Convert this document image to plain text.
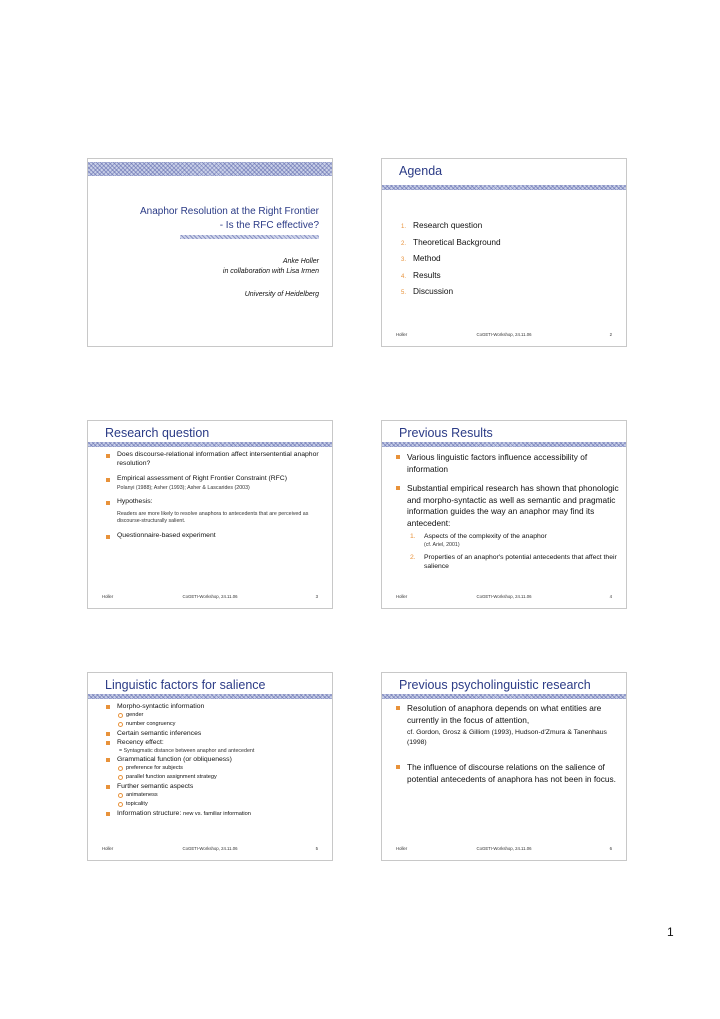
Anaphor Resolution at the Right Frontier
- Is the RFC effective?
Anke Holler
in collaboration with Lisa Irmen
University of Heidelberg
Agenda
1. Research question
2. Theoretical Background
3. Method
4. Results
5. Discussion
Holler	CoGETI-Workshop, 24.11.06	2
Research question
Does discourse-relational information affect intersentential anaphor resolution?
Empirical assessment of Right Frontier Constraint (RFC)
Polanyi (1988); Asher (1993); Asher & Lascarides (2003)
Hypothesis:
Readers are more likely to resolve anaphora to antecedents that are perceived as discourse-structurally salient.
Questionnaire-based experiment
Holler	CoGETI-Workshop, 24.11.06	3
Previous Results
Various linguistic factors influence accessibility of information
Substantial empirical research has shown that phonologic and morpho-syntactic as well as semantic and pragmatic information guides the way an anaphor may find its antecedent:
1. Aspects of the complexity of the anaphor
(cf. Ariel, 2001)
2. Properties of an anaphor's potential antecedents that affect their salience
Holler	CoGETI-Workshop, 24.11.06	4
Linguistic factors for salience
Morpho-syntactic information
gender
number congruency
Certain semantic inferences
Recency effect:
= Syntagmatic distance between anaphor and antecedent
Grammatical function (or obliqueness)
preference for subjects
parallel function assignment strategy
Further semantic aspects
animateness
topicality
Information structure: new vs. familiar information
Holler	CoGETI-Workshop, 24.11.06	5
Previous psycholinguistic research
Resolution of anaphora depends on what entities are currently in the focus of attention,
cf. Gordon, Grosz & Gilliom (1993), Hudson-d'Zmura & Tanenhaus (1998)
The influence of discourse relations on the salience of potential antecedents of anaphora has not been in focus.
Holler	CoGETI-Workshop, 24.11.06	6
1
